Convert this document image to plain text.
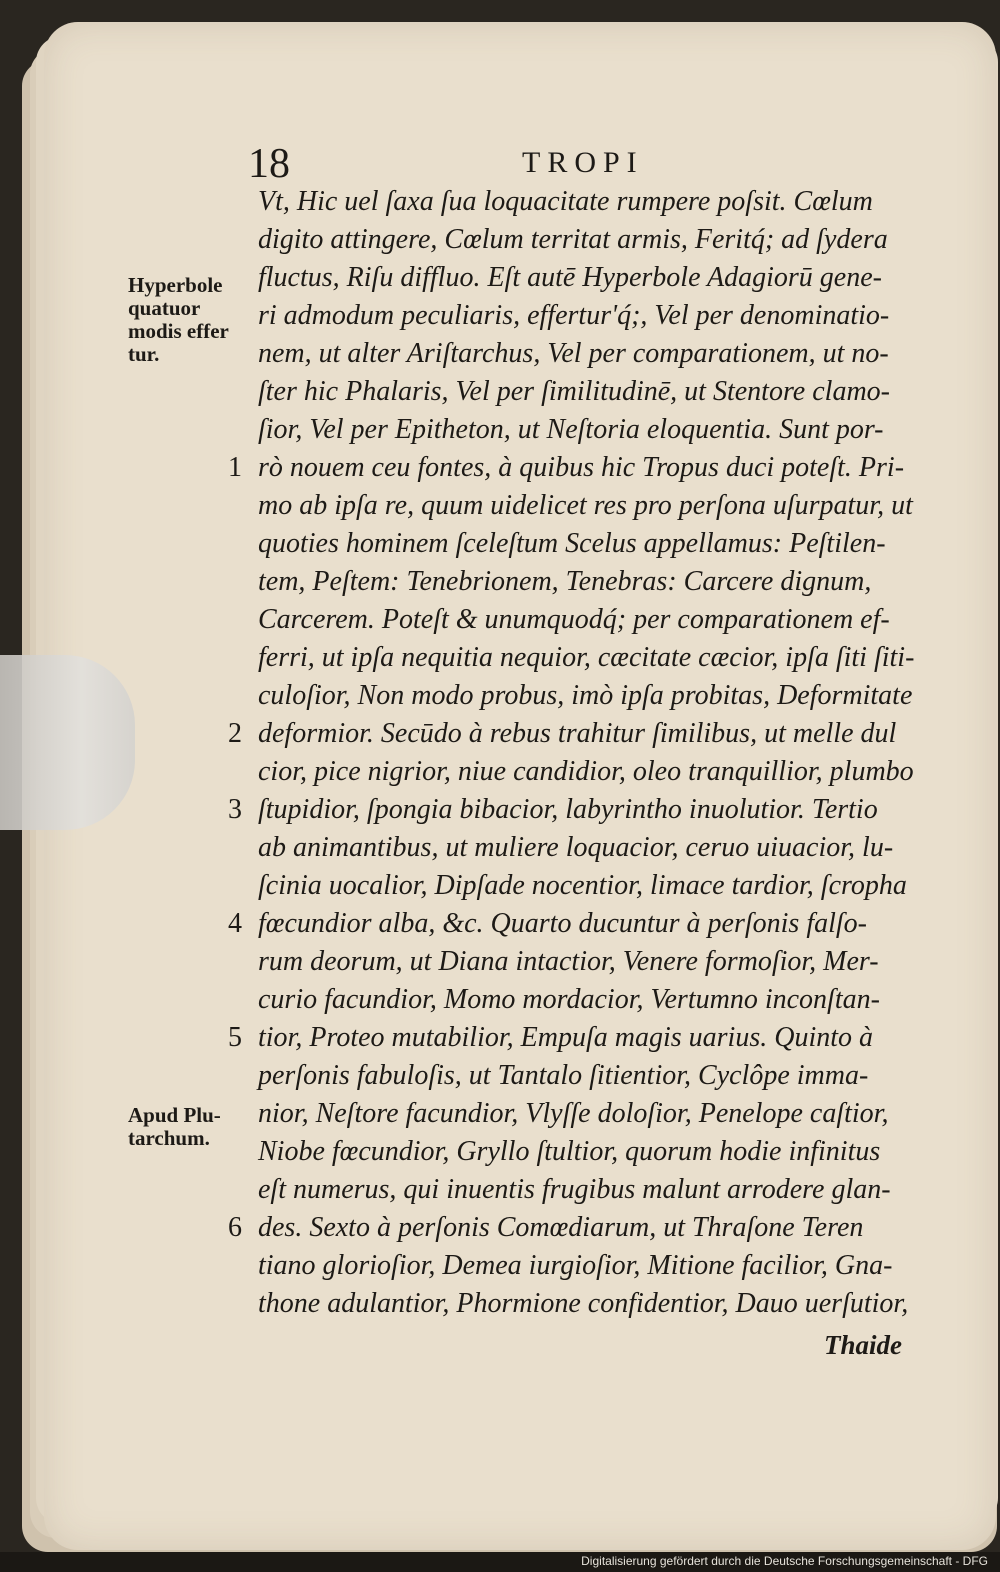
18	TROPI
Vt, Hic uel ſaxa ſua loquacitate rumpere poſsit. Cœlum
digito attingere, Cœlum territat armis, Feritq́; ad ſydera
fluctus, Riſu diffluo. Eſt autē Hyperbole Adagiorū gene-
ri admodum peculiaris, effertur'q́;, Vel per denominatio-
nem, ut alter Ariſtarchus, Vel per comparationem, ut no-
ſter hic Phalaris, Vel per ſimilitudinē, ut Stentore clamo-
ſior, Vel per Epitheton, ut Neſtoria eloquentia. Sunt por-
rò nouem ceu fontes, à quibus hic Tropus duci poteſt. Pri-
mo ab ipſa re, quum uidelicet res pro perſona uſurpatur, ut
quoties hominem ſceleſtum Scelus appellamus: Peſtilen-
tem, Peſtem: Tenebrionem, Tenebras: Carcere dignum,
Carcerem. Poteſt & unumquodq́; per comparationem ef-
ferri, ut ipſa nequitia nequior, cæcitate cæcior, ipſa ſiti ſiti-
culoſior, Non modo probus, imò ipſa probitas, Deformitate
deformior. Secūdo à rebus trahitur ſimilibus, ut melle dul
cior, pice nigrior, niue candidior, oleo tranquillior, plumbo
ſtupidior, ſpongia bibacior, labyrintho inuolutior. Tertio
ab animantibus, ut muliere loquacior, ceruo uiuacior, lu-
ſcinia uocalior, Dipſade nocentior, limace tardior, ſcropha
fœcundior alba, &c. Quarto ducuntur à perſonis falſo-
rum deorum, ut Diana intactior, Venere formoſior, Mer-
curio facundior, Momo mordacior, Vertumno inconſtan-
tior, Proteo mutabilior, Empuſa magis uarius. Quinto à
perſonis fabuloſis, ut Tantalo ſitientior, Cyclôpe imma-
nior, Neſtore facundior, Vlyſſe doloſior, Penelope caſtior,
Niobe fœcundior, Gryllo ſtultior, quorum hodie infinitus
eſt numerus, qui inuentis frugibus malunt arrodere glan-
des. Sexto à perſonis Comœdiarum, ut Thraſone Teren
tiano glorioſior, Demea iurgioſior, Mitione facilior, Gna-
thone adulantior, Phormione confidentior, Dauo uerſutior,
1
2
3
4
5
6
Hyperbole
quatuor
modis effer
tur.
Apud Plu-
tarchum.
Thaide
Digitalisierung gefördert durch die Deutsche Forschungsgemeinschaft - DFG
